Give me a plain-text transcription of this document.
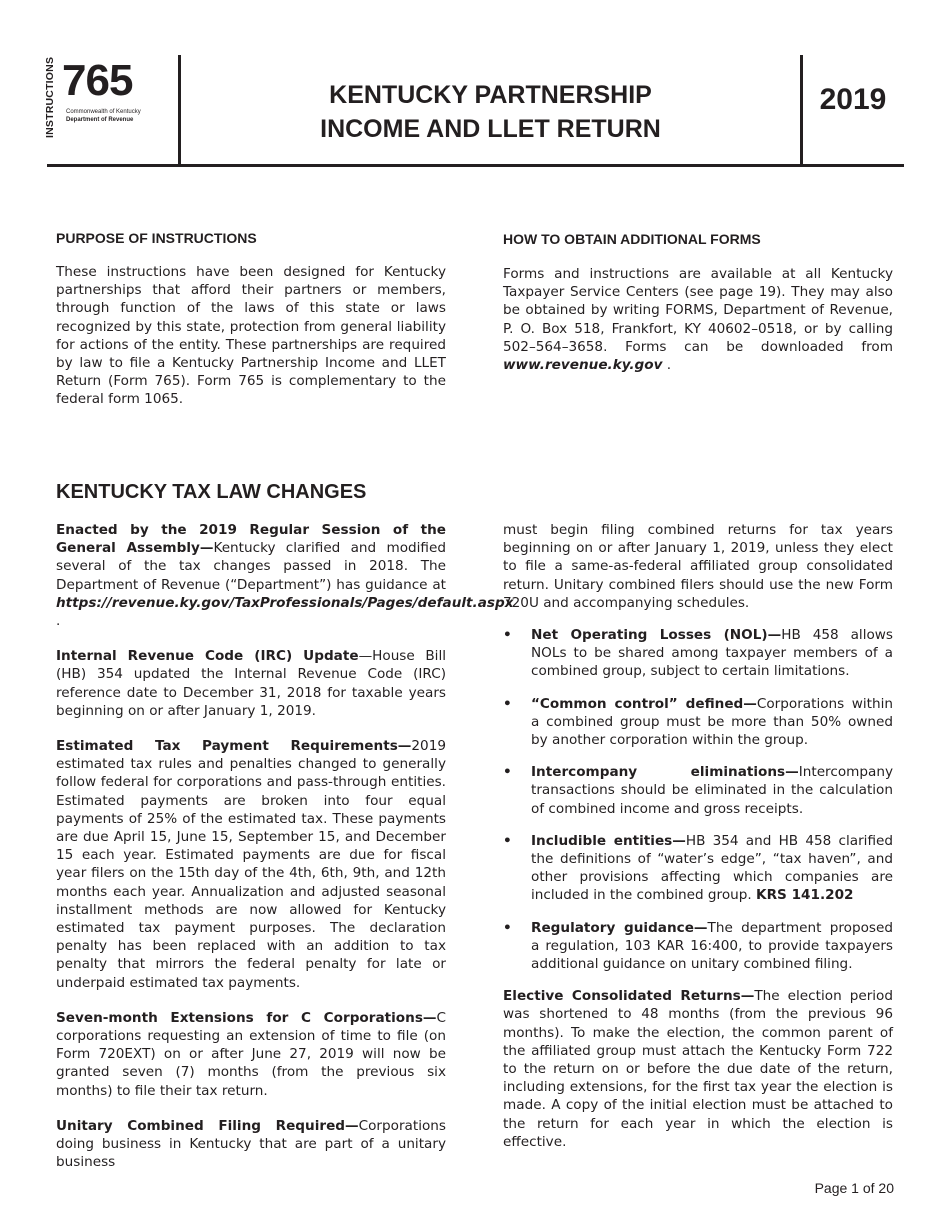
INSTRUCTIONS 765
Commonwealth of Kentucky
Department of Revenue
KENTUCKY PARTNERSHIP
INCOME AND LLET RETURN
2019
PURPOSE OF INSTRUCTIONS

These instructions have been designed for Kentucky partnerships that afford their partners or members, through function of the laws of this state or laws recognized by this state, protection from general liability for actions of the entity. These partnerships are required by law to file a Kentucky Partnership Income and LLET Return (Form 765). Form 765 is complementary to the federal form 1065.

HOW TO OBTAIN ADDITIONAL FORMS

Forms and instructions are available at all Kentucky Taxpayer Service Centers (see page 19). They may also be obtained by writing FORMS, Department of Revenue, P. O. Box 518, Frankfort, KY 40602–0518, or by calling 502–564–3658. Forms can be downloaded from www.revenue.ky.gov .

KENTUCKY TAX LAW CHANGES

Enacted by the 2019 Regular Session of the General Assembly—Kentucky clarified and modified several of the tax changes passed in 2018. The Department of Revenue (“Department”) has guidance at https://revenue.ky.gov/TaxProfessionals/Pages/default.aspx .

Internal Revenue Code (IRC) Update—House Bill (HB) 354 updated the Internal Revenue Code (IRC) reference date to December 31, 2018 for taxable years beginning on or after January 1, 2019.

Estimated Tax Payment Requirements—2019 estimated tax rules and penalties changed to generally follow federal for corporations and pass-through entities. Estimated payments are broken into four equal payments of 25% of the estimated tax. These payments are due April 15, June 15, September 15, and December 15 each year. Estimated payments are due for fiscal year filers on the 15th day of the 4th, 6th, 9th, and 12th months each year. Annualization and adjusted seasonal installment methods are now allowed for Kentucky estimated tax payment purposes. The declaration penalty has been replaced with an addition to tax penalty that mirrors the federal penalty for late or underpaid estimated tax payments.

Seven-month Extensions for C Corporations—C corporations requesting an extension of time to file (on Form 720EXT) on or after June 27, 2019 will now be granted seven (7) months (from the previous six months) to file their tax return.

Unitary Combined Filing Required—Corporations doing business in Kentucky that are part of a unitary business

must begin filing combined returns for tax years beginning on or after January 1, 2019, unless they elect to file a same-as-federal affiliated group consolidated return. Unitary combined filers should use the new Form 720U and accompanying schedules.

• Net Operating Losses (NOL)—HB 458 allows NOLs to be shared among taxpayer members of a combined group, subject to certain limitations.
• “Common control” defined—Corporations within a combined group must be more than 50% owned by another corporation within the group.
• Intercompany eliminations—Intercompany transactions should be eliminated in the calculation of combined income and gross receipts.
• Includible entities—HB 354 and HB 458 clarified the definitions of “water’s edge”, “tax haven”, and other provisions affecting which companies are included in the combined group. KRS 141.202
• Regulatory guidance—The department proposed a regulation, 103 KAR 16:400, to provide taxpayers additional guidance on unitary combined filing.

Elective Consolidated Returns—The election period was shortened to 48 months (from the previous 96 months). To make the election, the common parent of the affiliated group must attach the Kentucky Form 722 to the return on or before the due date of the return, including extensions, for the first tax year the election is made. A copy of the initial election must be attached to the return for each year in which the election is effective.

Page 1 of 20
